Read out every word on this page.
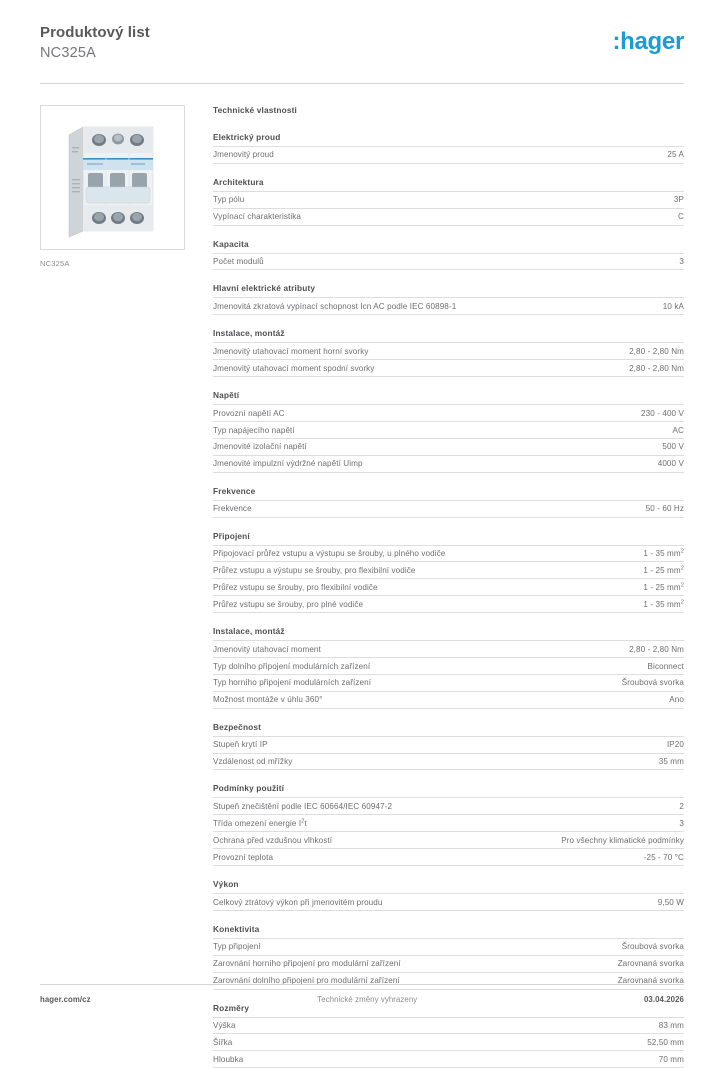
Produktový list
NC325A	:hager
NC325A
Technické vlastnosti
Elektrický proud
Jmenovitý proud	25 A
Architektura
Typ pólu	3P
Vypínací charakteristika	C
Kapacita
Počet modulů	3
Hlavní elektrické atributy
Jmenovitá zkratová vypínací schopnost Icn AC podle IEC 60898-1	10 kA
Instalace, montáž
Jmenovitý utahovací moment horní svorky	2,80 - 2,80 Nm
Jmenovitý utahovací moment spodní svorky	2,80 - 2,80 Nm
Napětí
Provozní napětí AC	230 - 400 V
Typ napájecího napětí	AC
Jmenovité izolační napětí	500 V
Jmenovité impulzní výdržné napětí Uimp	4000 V
Frekvence
Frekvence	50 - 60 Hz
Připojení
Připojovací průřez vstupu a výstupu se šrouby, u plného vodiče	1 - 35 $mm^2$
Průřez vstupu a výstupu se šrouby, pro flexibilní vodiče	1 - 25 $mm^2$
Průřez vstupu se šrouby, pro flexibilní vodiče	1 - 25 $mm^2$
Průřez vstupu se šrouby, pro plné vodiče	1 - 35 $mm^2$
Instalace, montáž
Jmenovitý utahovací moment	2,80 - 2,80 Nm
Typ dolního připojení modulárních zařízení	Biconnect
Typ horního připojení modulárních zařízení	Šroubová svorka
Možnost montáže v úhlu 360°	Ano
Bezpečnost
Stupeň krytí IP	IP20
Vzdálenost od mřížky	35 mm
Podmínky použití
Stupeň znečištění podle IEC 60664/IEC 60947-2	2
Třída omezení energie $I^2t$	3
Ochrana před vzdušnou vlhkostí	Pro všechny klimatické podmínky
Provozní teplota	-25 - 70 °C
Výkon
Celkový ztrátový výkon při jmenovitém proudu	9,50 W
Konektivita
Typ připojení	Šroubová svorka
Zarovnání horního připojení pro modulární zařízení	Zarovnaná svorka
Zarovnání dolního připojení pro modulární zařízení	Zarovnaná svorka
Rozměry
Výška	83 mm
Šířka	52,50 mm
Hloubka	70 mm
hager.com/cz	Technické změny vyhrazeny	03.04.2026
